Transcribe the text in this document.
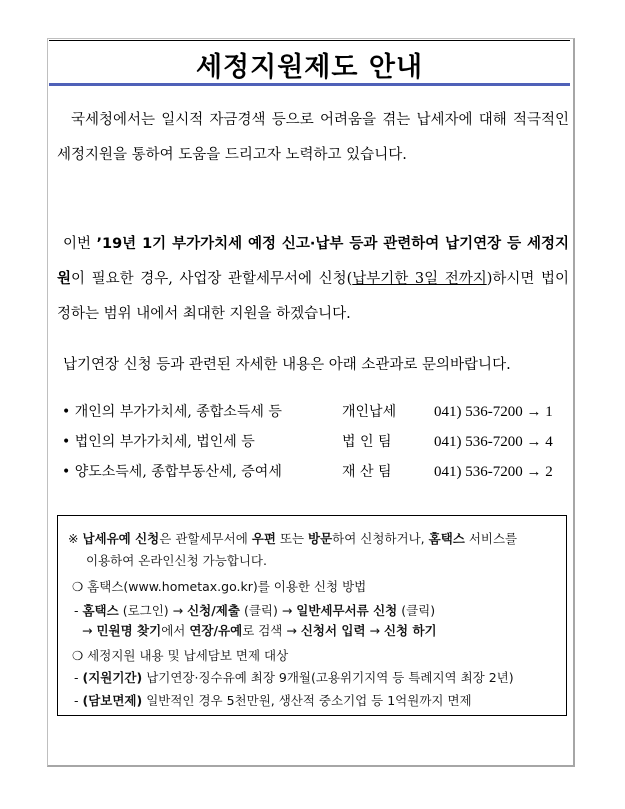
세정지원제도 안내

국세청에서는 일시적 자금경색 등으로 어려움을 겪는 납세자에 대해 적극적인 세정지원을 통하여 도움을 드리고자 노력하고 있습니다.

이번 ’19년 1기 부가가치세 예정 신고·납부 등과 관련하여 납기연장 등 세정지원이 필요한 경우, 사업장 관할세무서에 신청(납부기한 3일 전까지)하시면 법이 정하는 범위 내에서 최대한 지원을 하겠습니다.

납기연장 신청 등과 관련된 자세한 내용은 아래 소관과로 문의바랍니다.

• 개인의 부가가치세, 종합소득세 등	개인납세	041) 536-7200 → 1
• 법인의 부가가치세, 법인세 등	법 인 팀	041) 536-7200 → 4
• 양도소득세, 종합부동산세, 증여세	재 산 팀	041) 536-7200 → 2
※ 납세유예 신청은 관할세무서에 우편 또는 방문하여 신청하거나, 홈택스 서비스를
이용하여 온라인신청 가능합니다.
❍ 홈택스(www.hometax.go.kr)를 이용한 신청 방법
- 홈택스 (로그인) → 신청/제출 (클릭) → 일반세무서류 신청 (클릭)
→ 민원명 찾기에서 연장/유예로 검색 → 신청서 입력 → 신청 하기
❍ 세정지원 내용 및 납세담보 면제 대상
- (지원기간) 납기연장·징수유예 최장 9개월(고용위기지역 등 특례지역 최장 2년)
- (담보면제) 일반적인 경우 5천만원, 생산적 중소기업 등 1억원까지 면제
